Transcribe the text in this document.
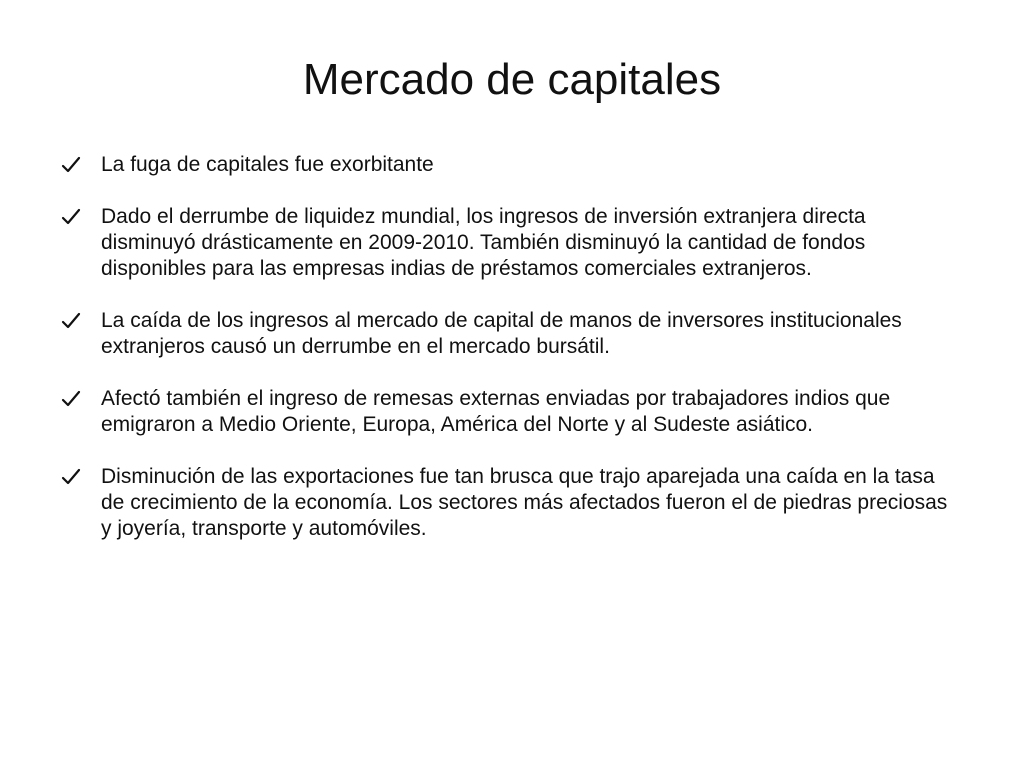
Mercado de capitales
La fuga de capitales fue exorbitante
Dado el derrumbe de liquidez mundial, los ingresos de inversión extranjera directa disminuyó drásticamente en 2009-2010. También disminuyó la cantidad de fondos disponibles para las empresas indias de préstamos comerciales extranjeros.
La caída de los ingresos al mercado de capital de manos de inversores institucionales extranjeros causó un derrumbe en el mercado bursátil.
Afectó también el ingreso de remesas externas enviadas por trabajadores indios que emigraron a Medio Oriente, Europa, América del Norte y al Sudeste asiático.
Disminución de las exportaciones fue tan brusca que trajo aparejada una caída en la tasa de crecimiento de la economía. Los sectores más afectados fueron el de piedras preciosas y joyería, transporte y automóviles.
